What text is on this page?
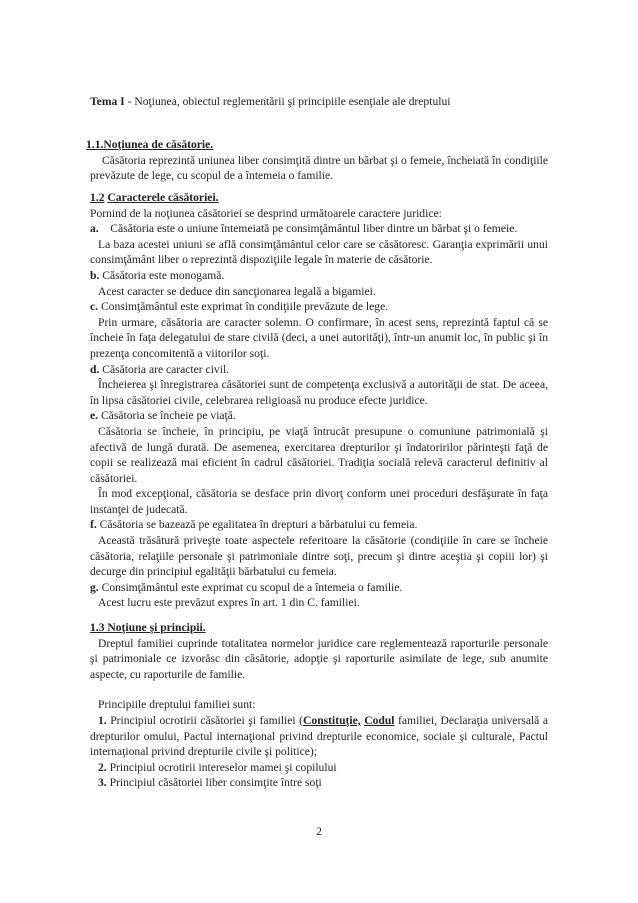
Tema I - Noţiunea, obiectul reglementării şi principiile esenţiale ale dreptului

1.1.Noţiunea de căsătorie.

Căsătoria reprezintă uniunea liber consimţită dintre un bărbat şi o femeie, încheiată în condiţiile prevăzute de lege, cu scopul de a întemeia o familie.

1.2 Caracterele căsătoriei.

Pornind de la noţiunea căsătoriei se desprind următoarele caractere juridice:

a. Căsătoria este o uniune întemeiată pe consimţământul liber dintre un bărbat şi o femeie.

La baza acestei uniuni se află consimţământul celor care se căsătoresc. Garanţia exprimării unui consimţământ liber o reprezintă dispoziţiile legale în materie de căsătorie.

b. Căsătoria este monogamă.

Acest caracter se deduce din sancţionarea legală a bigamiei.

c. Consimţământul este exprimat în condiţiile prevăzute de lege.

Prin urmare, căsătoria are caracter solemn. O confirmare, în acest sens, reprezintă faptul că se încheie în faţa delegatului de stare civilă (deci, a unei autorităţi), într-un anumit loc, în public şi în prezenţa concomitentă a viitorilor soţi.

d. Căsătoria are caracter civil.

Încheierea şi înregistrarea căsătoriei sunt de competenţa exclusivă a autorităţii de stat. De aceea, în lipsa căsătoriei civile, celebrarea religioasă nu produce efecte juridice.

e. Căsătoria se încheie pe viaţă.

Căsătoria se încheie, în principiu, pe viaţă întrucât presupune o comuniune patrimonială şi afectivă de lungă durată. De asemenea, exercitarea drepturilor şi îndatoririlor părinteşti faţă de copii se realizează mai eficient în cadrul căsătoriei. Tradiţia socială relevă caracterul definitiv al căsătoriei.

În mod excepţional, căsătoria se desface prin divorţ conform unei proceduri desfăşurate în faţa instanţei de judecată.

f. Căsătoria se bazează pe egalitatea în drepturi a bărbatului cu femeia.

Această trăsătură priveşte toate aspectele referitoare la căsătorie (condiţiile în care se încheie căsătoria, relaţiile personale şi patrimoniale dintre soţi, precum şi dintre aceştia şi copiii lor) şi decurge din principiul egalităţii bărbatului cu femeia.

g. Consimţământul este exprimat cu scopul de a întemeia o familie.

Acest lucru este prevăzut expres în art. 1 din C. familiei.

1.3 Noţiune şi principii.

Dreptul familiei cuprinde totalitatea normelor juridice care reglementează raporturile personale şi patrimoniale ce izvorăsc din căsătorie, adopţie şi raporturile asimilate de lege, sub anumite aspecte, cu raporturile de familie.

Principiile dreptului familiei sunt:

1. Principiul ocrotirii căsătoriei şi familiei (Constituţie, Codul familiei, Declaraţia universală a drepturilor omului, Pactul internaţional privind drepturile economice, sociale şi culturale, Pactul internaţional privind drepturile civile şi politice);

2. Principiul ocrotirii intereselor mamei şi copilului

3. Principiul căsătoriei liber consimţite între soţi

2
